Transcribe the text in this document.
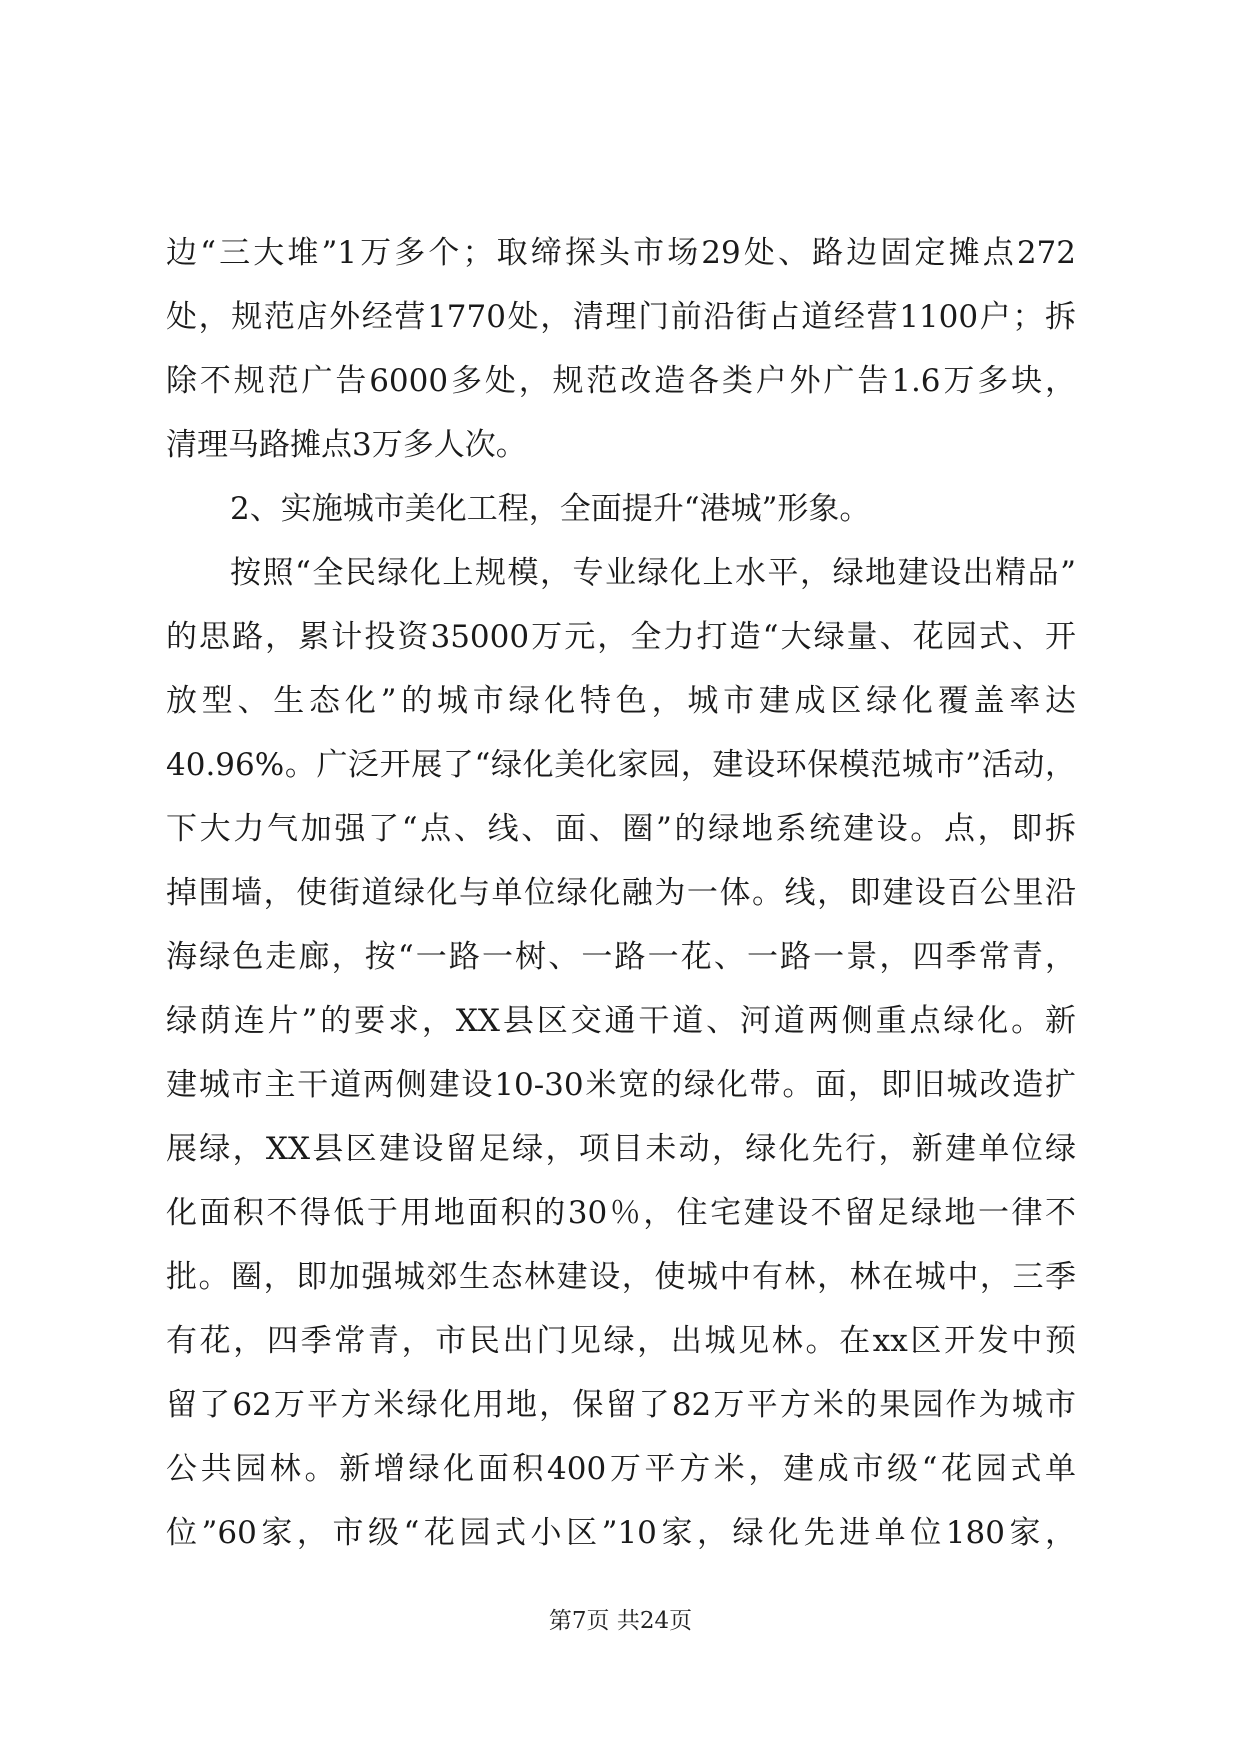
边“三大堆”1万多个；取缔探头市场29处、路边固定摊点272
处，规范店外经营1770处，清理门前沿街占道经营1100户；拆
除不规范广告6000多处，规范改造各类户外广告1.6万多块，
清理马路摊点3万多人次。
2、实施城市美化工程，全面提升“港城”形象。
按照“全民绿化上规模，专业绿化上水平，绿地建设出精品”
的思路，累计投资35000万元，全力打造“大绿量、花园式、开
放型、生态化”的城市绿化特色，城市建成区绿化覆盖率达
40.96%。广泛开展了“绿化美化家园，建设环保模范城市”活动，
下大力气加强了“点、线、面、圈”的绿地系统建设。点，即拆
掉围墙，使街道绿化与单位绿化融为一体。线，即建设百公里沿
海绿色走廊，按“一路一树、一路一花、一路一景，四季常青，
绿荫连片”的要求，XX县区交通干道、河道两侧重点绿化。新
建城市主干道两侧建设10-30米宽的绿化带。面，即旧城改造扩
展绿，XX县区建设留足绿，项目未动，绿化先行，新建单位绿
化面积不得低于用地面积的30％，住宅建设不留足绿地一律不
批。圈，即加强城郊生态林建设，使城中有林，林在城中，三季
有花，四季常青，市民出门见绿，出城见林。在xx区开发中预
留了62万平方米绿化用地，保留了82万平方米的果园作为城市
公共园林。新增绿化面积400万平方米，建成市级“花园式单
位”60家，市级“花园式小区”10家，绿化先进单位180家，
第7页 共24页
